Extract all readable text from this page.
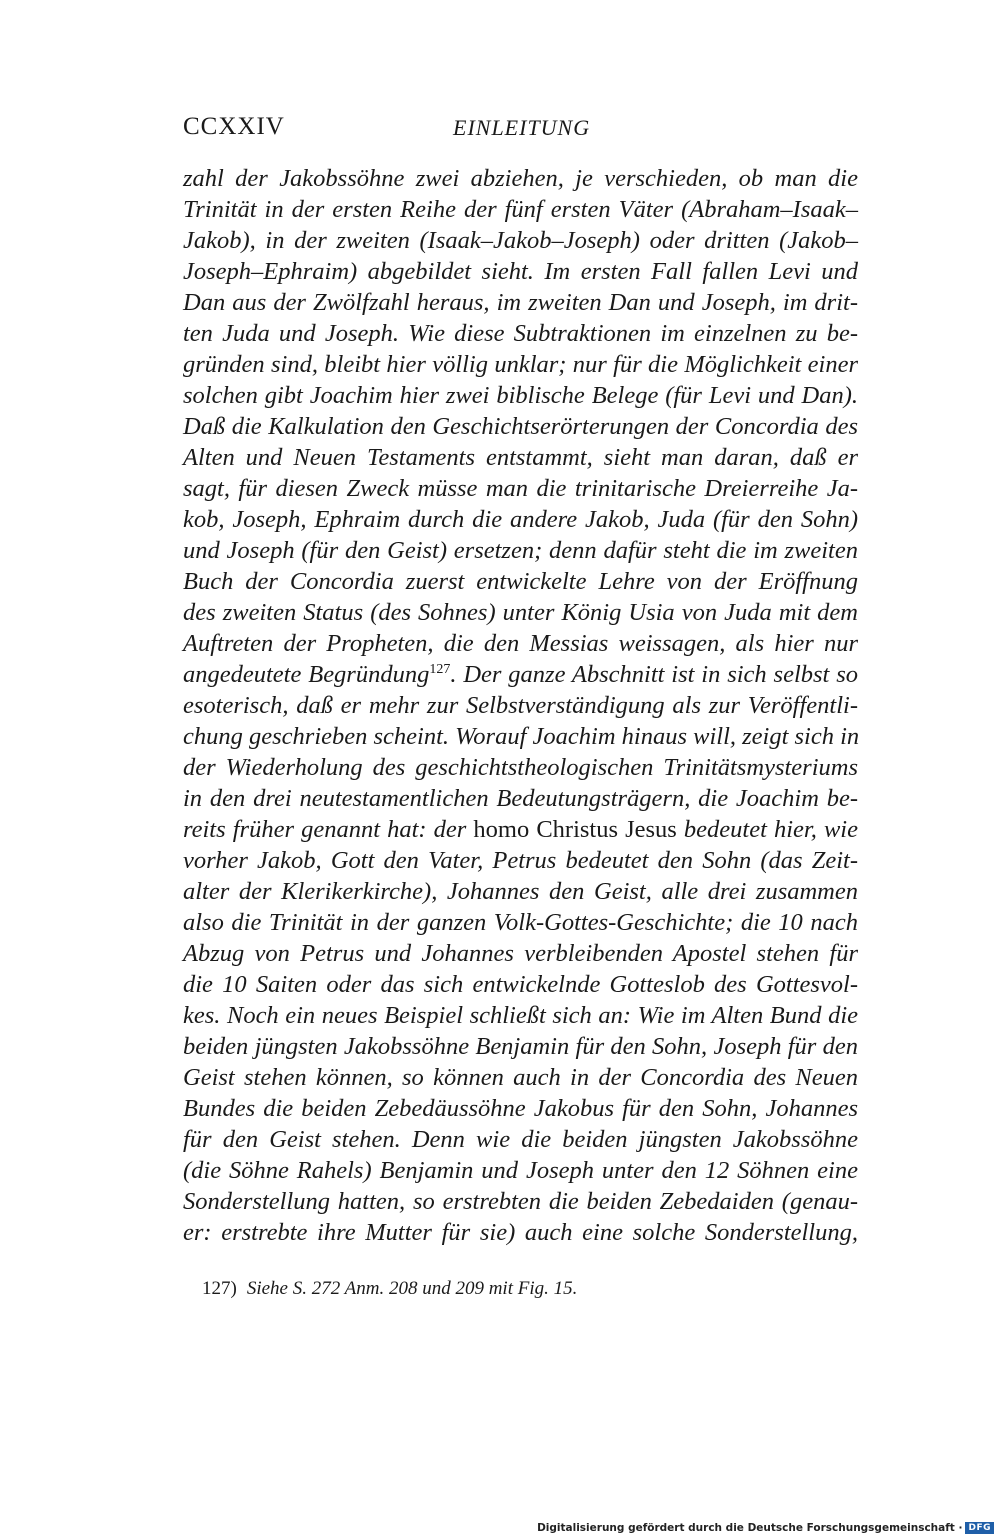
CCXXIV	EINLEITUNG
zahl der Jakobssöhne zwei abziehen, je verschieden, ob man die
Trinität in der ersten Reihe der fünf ersten Väter (Abraham–Isaak–
Jakob), in der zweiten (Isaak–Jakob–Joseph) oder dritten (Jakob–
Joseph–Ephraim) abgebildet sieht. Im ersten Fall fallen Levi und
Dan aus der Zwölfzahl heraus, im zweiten Dan und Joseph, im drit-
ten Juda und Joseph. Wie diese Subtraktionen im einzelnen zu be-
gründen sind, bleibt hier völlig unklar; nur für die Möglichkeit einer
solchen gibt Joachim hier zwei biblische Belege (für Levi und Dan).
Daß die Kalkulation den Geschichtserörterungen der Concordia des
Alten und Neuen Testaments entstammt, sieht man daran, daß er
sagt, für diesen Zweck müsse man die trinitarische Dreierreihe Ja-
kob, Joseph, Ephraim durch die andere Jakob, Juda (für den Sohn)
und Joseph (für den Geist) ersetzen; denn dafür steht die im zweiten
Buch der Concordia zuerst entwickelte Lehre von der Eröffnung
des zweiten Status (des Sohnes) unter König Usia von Juda mit dem
Auftreten der Propheten, die den Messias weissagen, als hier nur
angedeutete Begründung$^{127}$. Der ganze Abschnitt ist in sich selbst so
esoterisch, daß er mehr zur Selbstverständigung als zur Veröffentli-
chung geschrieben scheint. Worauf Joachim hinaus will, zeigt sich in
der Wiederholung des geschichtstheologischen Trinitätsmysteriums
in den drei neutestamentlichen Bedeutungsträgern, die Joachim be-
reits früher genannt hat: der homo Christus Jesus bedeutet hier, wie
vorher Jakob, Gott den Vater, Petrus bedeutet den Sohn (das Zeit-
alter der Klerikerkirche), Johannes den Geist, alle drei zusammen
also die Trinität in der ganzen Volk-Gottes-Geschichte; die 10 nach
Abzug von Petrus und Johannes verbleibenden Apostel stehen für
die 10 Saiten oder das sich entwickelnde Gotteslob des Gottesvol-
kes. Noch ein neues Beispiel schließt sich an: Wie im Alten Bund die
beiden jüngsten Jakobssöhne Benjamin für den Sohn, Joseph für den
Geist stehen können, so können auch in der Concordia des Neuen
Bundes die beiden Zebedäussöhne Jakobus für den Sohn, Johannes
für den Geist stehen. Denn wie die beiden jüngsten Jakobssöhne
(die Söhne Rahels) Benjamin und Joseph unter den 12 Söhnen eine
Sonderstellung hatten, so erstrebten die beiden Zebedaiden (genau-
er: erstrebte ihre Mutter für sie) auch eine solche Sonderstellung,
127) Siehe S. 272 Anm. 208 und 209 mit Fig. 15.
Digitalisierung gefördert durch die Deutsche Forschungsgemeinschaft · DFG
